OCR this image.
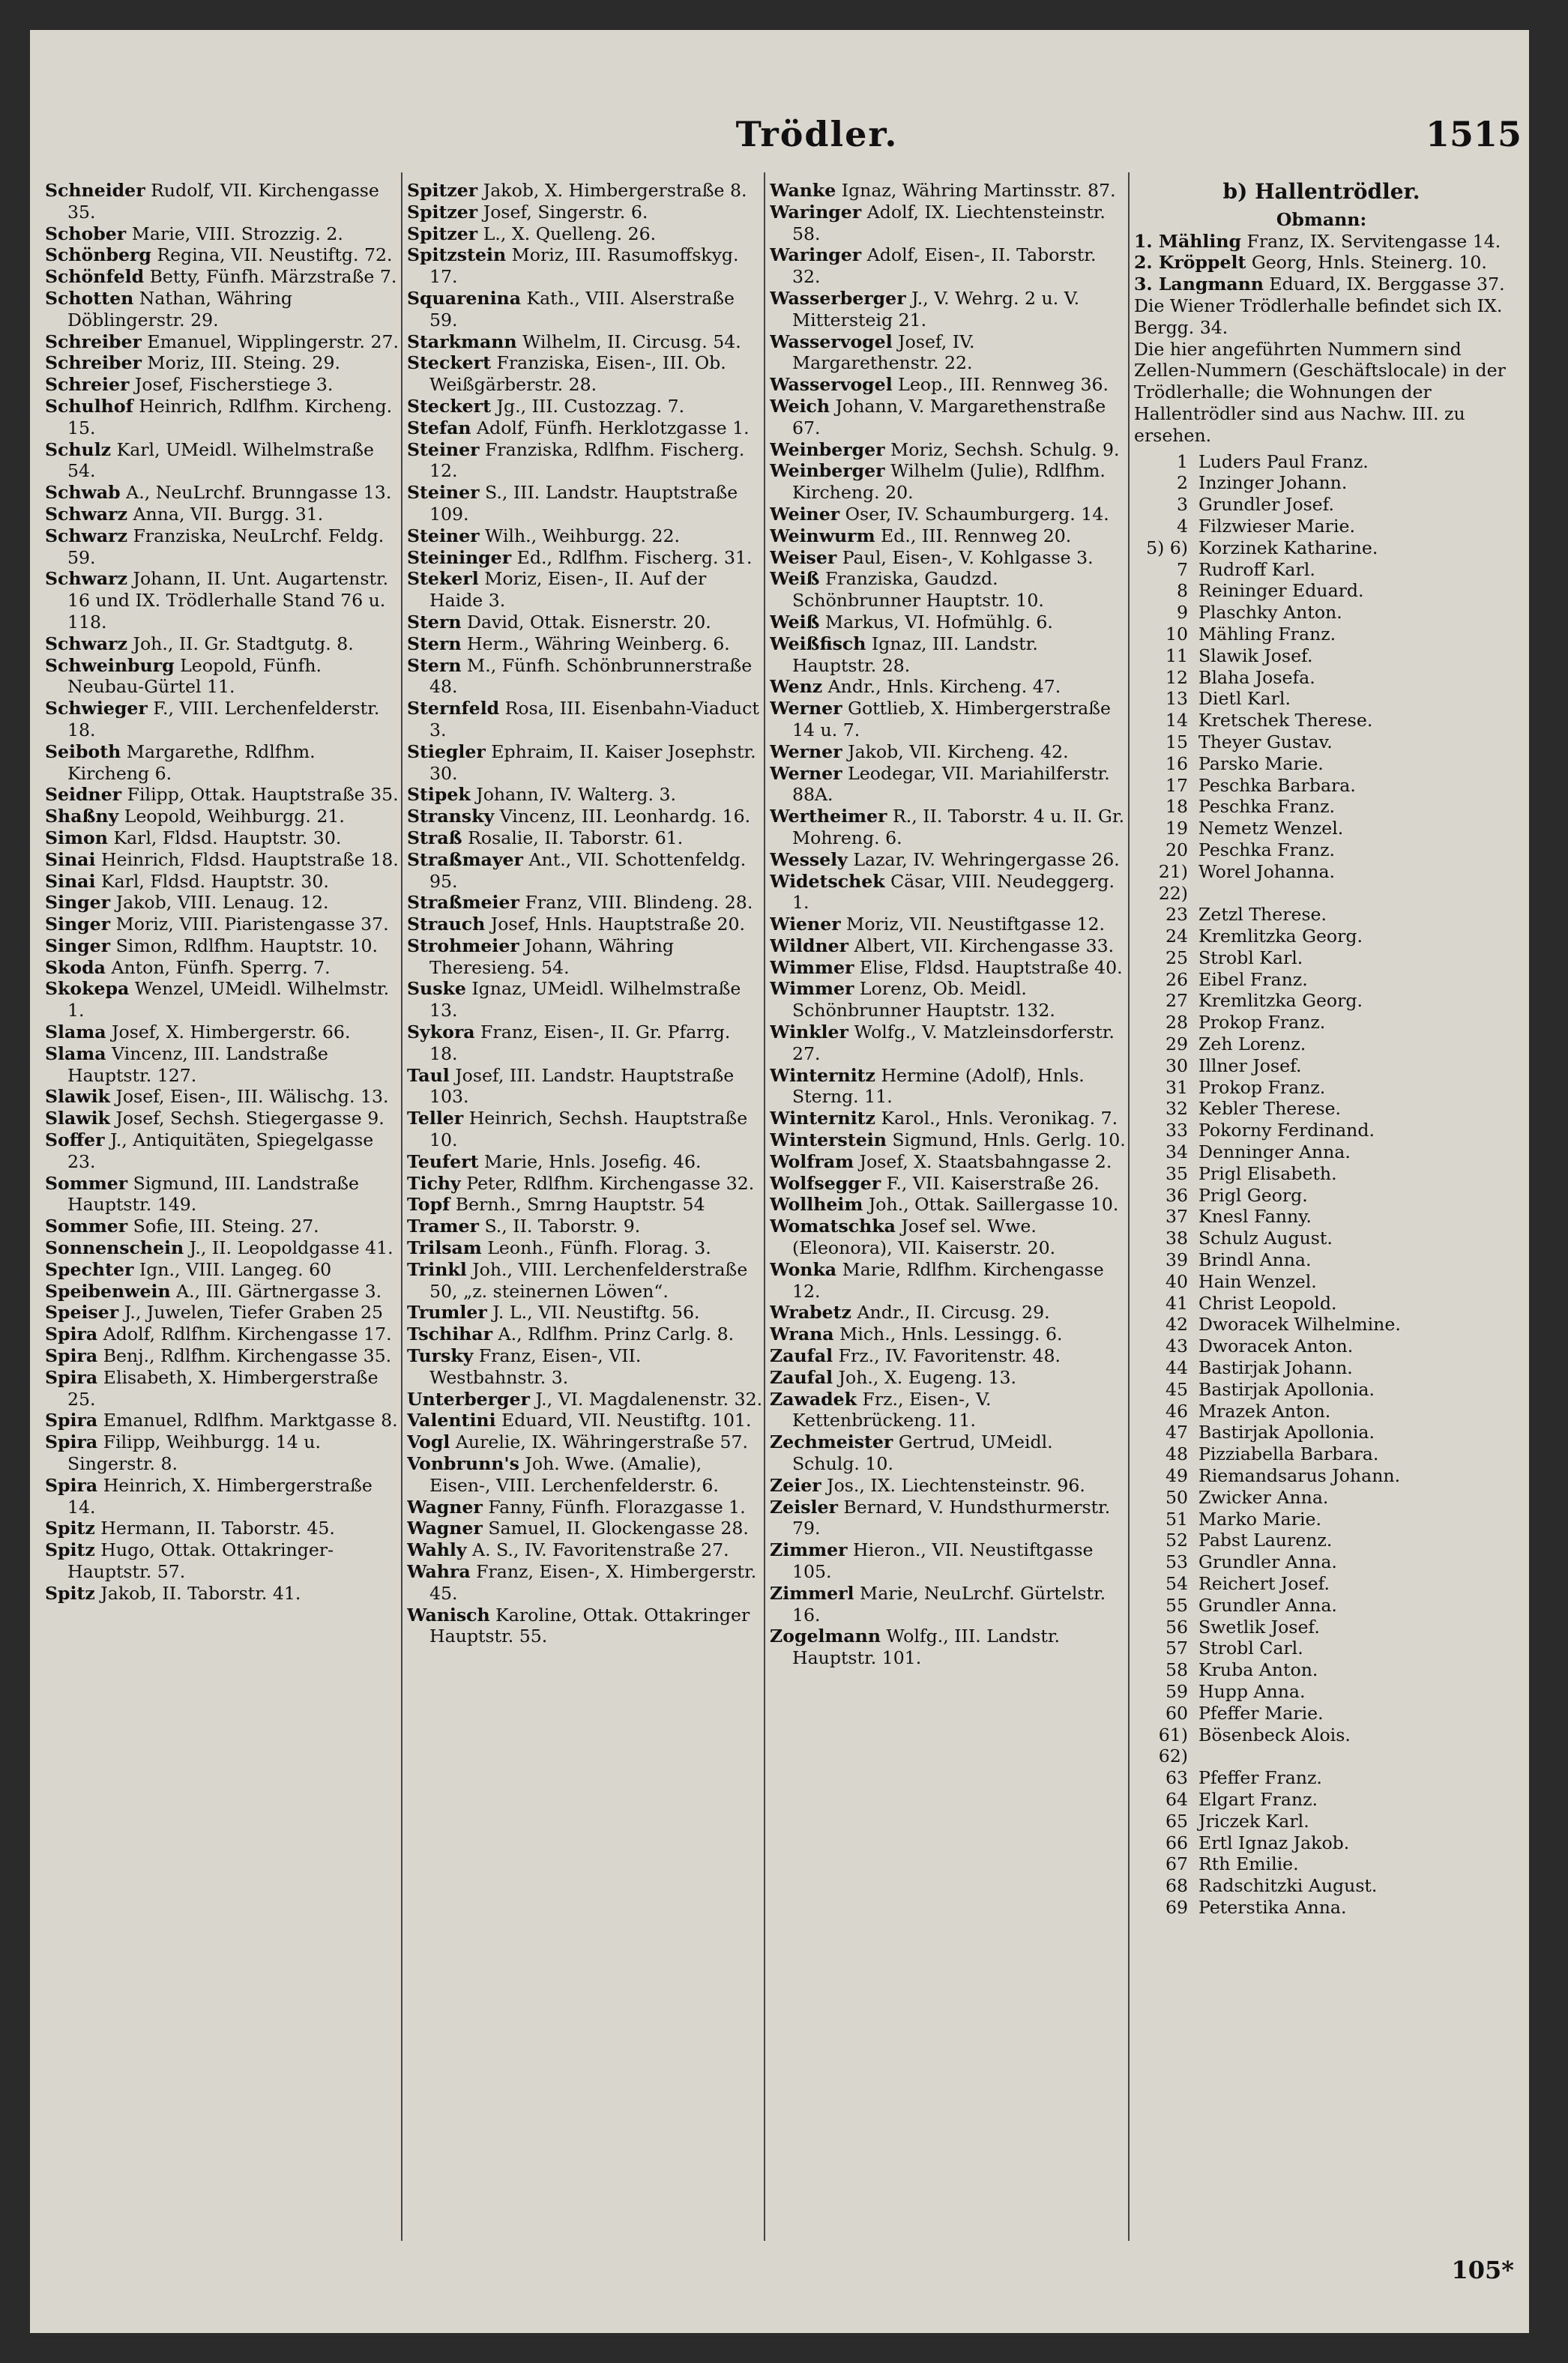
Trödler.	1515
Schneider Rudolf, VII. Kirchengasse 35.
Schober Marie, VIII. Strozzig. 2.
Schönberg Regina, VII. Neustiftg. 72.
Schönfeld Betty, Fünfh. Märzstraße 7.
Schotten Nathan, Währing Döblingerstr. 29.
Schreiber Emanuel, Wipplingerstr. 27.
Schreiber Moriz, III. Steing. 29.
Schreier Josef, Fischerstiege 3.
Schulhof Heinrich, Rdlfhm. Kircheng. 15.
Schulz Karl, UMeidl. Wilhelmstraße 54.
Schwab A., NeuLrchf. Brunngasse 13.
Schwarz Anna, VII. Burgg. 31.
Schwarz Franziska, NeuLrchf. Feldg. 59.
Schwarz Johann, II. Unt. Augartenstr. 16 und IX. Trödlerhalle Stand 76 u. 118.
Schwarz Joh., II. Gr. Stadtgutg. 8.
Schweinburg Leopold, Fünfh. Neubau-Gürtel 11.
Schwieger F., VIII. Lerchenfelderstr. 18.
Seiboth Margarethe, Rdlfhm. Kircheng 6.
Seidner Filipp, Ottak. Hauptstraße 35.
Shaßny Leopold, Weihburgg. 21.
Simon Karl, Fldsd. Hauptstr. 30.
Sinai Heinrich, Fldsd. Hauptstraße 18.
Sinai Karl, Fldsd. Hauptstr. 30.
Singer Jakob, VIII. Lenaug. 12.
Singer Moriz, VIII. Piaristengasse 37.
Singer Simon, Rdlfhm. Hauptstr. 10.
Skoda Anton, Fünfh. Sperrg. 7.
Skokepa Wenzel, UMeidl. Wilhelmstr. 1.
Slama Josef, X. Himbergerstr. 66.
Slama Vincenz, III. Landstraße Hauptstr. 127.
Slawik Josef, Eisen-, III. Wälischg. 13.
Slawik Josef, Sechsh. Stiegergasse 9.
Soffer J., Antiquitäten, Spiegelgasse 23.
Sommer Sigmund, III. Landstraße Hauptstr. 149.
Sommer Sofie, III. Steing. 27.
Sonnenschein J., II. Leopoldgasse 41.
Spechter Ign., VIII. Langeg. 60
Speibenwein A., III. Gärtnergasse 3.
Speiser J., Juwelen, Tiefer Graben 25
Spira Adolf, Rdlfhm. Kirchengasse 17.
Spira Benj., Rdlfhm. Kirchengasse 35.
Spira Elisabeth, X. Himbergerstraße 25.
Spira Emanuel, Rdlfhm. Marktgasse 8.
Spira Filipp, Weihburgg. 14 u. Singerstr. 8.
Spira Heinrich, X. Himbergerstraße 14.
Spitz Hermann, II. Taborstr. 45.
Spitz Hugo, Ottak. Ottakringer-Hauptstr. 57.
Spitz Jakob, II. Taborstr. 41.
Spitzer Jakob, X. Himbergerstraße 8.
Spitzer Josef, Singerstr. 6.
Spitzer L., X. Quelleng. 26.
Spitzstein Moriz, III. Rasumoffskyg. 17.
Squarenina Kath., VIII. Alserstraße 59.
Starkmann Wilhelm, II. Circusg. 54.
Steckert Franziska, Eisen-, III. Ob. Weißgärberstr. 28.
Steckert Jg., III. Custozzag. 7.
Stefan Adolf, Fünfh. Herklotzgasse 1.
Steiner Franziska, Rdlfhm. Fischerg. 12.
Steiner S., III. Landstr. Hauptstraße 109.
Steiner Wilh., Weihburgg. 22.
Steininger Ed., Rdlfhm. Fischerg. 31.
Stekerl Moriz, Eisen-, II. Auf der Haide 3.
Stern David, Ottak. Eisnerstr. 20.
Stern Herm., Währing Weinberg. 6.
Stern M., Fünfh. Schönbrunnerstraße 48.
Sternfeld Rosa, III. Eisenbahn-Viaduct 3.
Stiegler Ephraim, II. Kaiser Josephstr. 30.
Stipek Johann, IV. Walterg. 3.
Stransky Vincenz, III. Leonhardg. 16.
Straß Rosalie, II. Taborstr. 61.
Straßmayer Ant., VII. Schottenfeldg. 95.
Straßmeier Franz, VIII. Blindeng. 28.
Strauch Josef, Hnls. Hauptstraße 20.
Strohmeier Johann, Währing Theresieng. 54.
Suske Ignaz, UMeidl. Wilhelmstraße 13.
Sykora Franz, Eisen-, II. Gr. Pfarrg. 18.
Taul Josef, III. Landstr. Hauptstraße 103.
Teller Heinrich, Sechsh. Hauptstraße 10.
Teufert Marie, Hnls. Josefig. 46.
Tichy Peter, Rdlfhm. Kirchengasse 32.
Topf Bernh., Smrng Hauptstr. 54
Tramer S., II. Taborstr. 9.
Trilsam Leonh., Fünfh. Florag. 3.
Trinkl Joh., VIII. Lerchenfelderstraße 50, „z. steinernen Löwen“.
Trumler J. L., VII. Neustiftg. 56.
Tschihar A., Rdlfhm. Prinz Carlg. 8.
Tursky Franz, Eisen-, VII. Westbahnstr. 3.
Unterberger J., VI. Magdalenenstr. 32.
Valentini Eduard, VII. Neustiftg. 101.
Vogl Aurelie, IX. Währingerstraße 57.
Vonbrunn's Joh. Wwe. (Amalie), Eisen-, VIII. Lerchenfelderstr. 6.
Wagner Fanny, Fünfh. Florazgasse 1.
Wagner Samuel, II. Glockengasse 28.
Wahly A. S., IV. Favoritenstraße 27.
Wahra Franz, Eisen-, X. Himbergerstr. 45.
Wanisch Karoline, Ottak. Ottakringer Hauptstr. 55.
Wanke Ignaz, Währing Martinsstr. 87.
Waringer Adolf, IX. Liechtensteinstr. 58.
Waringer Adolf, Eisen-, II. Taborstr. 32.
Wasserberger J., V. Wehrg. 2 u. V. Mittersteig 21.
Wasservogel Josef, IV. Margarethenstr. 22.
Wasservogel Leop., III. Rennweg 36.
Weich Johann, V. Margarethenstraße 67.
Weinberger Moriz, Sechsh. Schulg. 9.
Weinberger Wilhelm (Julie), Rdlfhm. Kircheng. 20.
Weiner Oser, IV. Schaumburgerg. 14.
Weinwurm Ed., III. Rennweg 20.
Weiser Paul, Eisen-, V. Kohlgasse 3.
Weiß Franziska, Gaudzd. Schönbrunner Hauptstr. 10.
Weiß Markus, VI. Hofmühlg. 6.
Weißfisch Ignaz, III. Landstr. Hauptstr. 28.
Wenz Andr., Hnls. Kircheng. 47.
Werner Gottlieb, X. Himbergerstraße 14 u. 7.
Werner Jakob, VII. Kircheng. 42.
Werner Leodegar, VII. Mariahilferstr. 88A.
Wertheimer R., II. Taborstr. 4 u. II. Gr. Mohreng. 6.
Wessely Lazar, IV. Wehringergasse 26.
Widetschek Cäsar, VIII. Neudeggerg. 1.
Wiener Moriz, VII. Neustiftgasse 12.
Wildner Albert, VII. Kirchengasse 33.
Wimmer Elise, Fldsd. Hauptstraße 40.
Wimmer Lorenz, Ob. Meidl. Schönbrunner Hauptstr. 132.
Winkler Wolfg., V. Matzleinsdorferstr. 27.
Winternitz Hermine (Adolf), Hnls. Sterng. 11.
Winternitz Karol., Hnls. Veronikag. 7.
Winterstein Sigmund, Hnls. Gerlg. 10.
Wolfram Josef, X. Staatsbahngasse 2.
Wolfsegger F., VII. Kaiserstraße 26.
Wollheim Joh., Ottak. Saillergasse 10.
Womatschka Josef sel. Wwe. (Eleonora), VII. Kaiserstr. 20.
Wonka Marie, Rdlfhm. Kirchengasse 12.
Wrabetz Andr., II. Circusg. 29.
Wrana Mich., Hnls. Lessingg. 6.
Zaufal Frz., IV. Favoritenstr. 48.
Zaufal Joh., X. Eugeng. 13.
Zawadek Frz., Eisen-, V. Kettenbrückeng. 11.
Zechmeister Gertrud, UMeidl. Schulg. 10.
Zeier Jos., IX. Liechtensteinstr. 96.
Zeisler Bernard, V. Hundsthurmerstr. 79.
Zimmer Hieron., VII. Neustiftgasse 105.
Zimmerl Marie, NeuLrchf. Gürtelstr. 16.
Zogelmann Wolfg., III. Landstr. Hauptstr. 101.
b) Hallentrödler.
Obmann:
1. Mähling Franz, IX. Servitengasse 14.
2. Kröppelt Georg, Hnls. Steinerg. 10.
3. Langmann Eduard, IX. Berggasse 37.
Die Wiener Trödlerhalle befindet sich IX. Bergg. 34.
Die hier angeführten Nummern sind Zellen-Nummern (Geschäftslocale) in der Trödlerhalle; die Wohnungen der Hallentrödler sind aus Nachw. III. zu ersehen.
1 Luders Paul Franz.
2 Inzinger Johann.
3 Grundler Josef.
4 Filzwieser Marie.
5) 6) Korzinek Katharine.
7 Rudroff Karl.
8 Reininger Eduard.
9 Plaschky Anton.
10 Mähling Franz.
11 Slawik Josef.
12 Blaha Josefa.
13 Dietl Karl.
14 Kretschek Therese.
15 Theyer Gustav.
16 Parsko Marie.
17 Peschka Barbara.
18 Peschka Franz.
19 Nemetz Wenzel.
20 Peschka Franz.
21) 22)
Worel Johanna.
23 Zetzl Therese.
24 Kremlitzka Georg.
25 Strobl Karl.
26 Eibel Franz.
27 Kremlitzka Georg.
28 Prokop Franz.
29 Zeh Lorenz.
30 Illner Josef.
31 Prokop Franz.
32 Kebler Therese.
33 Pokorny Ferdinand.
34 Denninger Anna.
35 Prigl Elisabeth.
36 Prigl Georg.
37 Knesl Fanny.
38 Schulz August.
39 Brindl Anna.
40 Hain Wenzel.
41 Christ Leopold.
42 Dworacek Wilhelmine.
43 Dworacek Anton.
44 Bastirjak Johann.
45 Bastirjak Apollonia.
46 Mrazek Anton.
47 Bastirjak Apollonia.
48 Pizziabella Barbara.
49 Riemandsarus Johann.
50 Zwicker Anna.
51 Marko Marie.
52 Pabst Laurenz.
53 Grundler Anna.
54 Reichert Josef.
55 Grundler Anna.
56 Swetlik Josef.
57 Strobl Carl.
58 Kruba Anton.
59 Hupp Anna.
60 Pfeffer Marie.
61) 62)
Bösenbeck Alois.
63 Pfeffer Franz.
64 Elgart Franz.
65 Jriczek Karl.
66 Ertl Ignaz Jakob.
67 Rth Emilie.
68 Radschitzki August.
69 Peterstika Anna.
105*
